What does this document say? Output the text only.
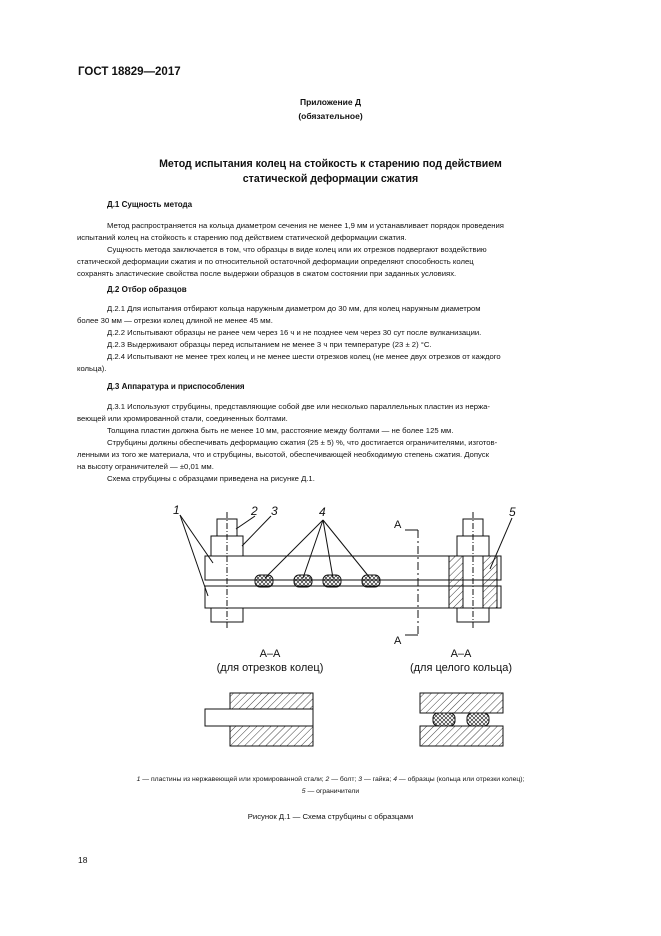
ГОСТ 18829—2017
Приложение Д
(обязательное)
Метод испытания колец на стойкость к старению под действием
статической деформации сжатия
Д.1 Сущность метода

Метод распространяется на кольца диаметром сечения не менее 1,9 мм и устанавливает порядок проведения

испытаний колец на стойкость к старению под действием статической деформации сжатия.

Сущность метода заключается в том, что образцы в виде колец или их отрезков подвергают воздействию

статической деформации сжатия и по относительной остаточной деформации определяют способность колец

сохранять эластические свойства после выдержки образцов в сжатом состоянии при заданных условиях.

Д.2 Отбор образцов

Д.2.1 Для испытания отбирают кольца наружным диаметром до 30 мм, для колец наружным диаметром

более 30 мм — отрезки колец длиной не менее 45 мм.

Д.2.2 Испытывают образцы не ранее чем через 16 ч и не позднее чем через 30 сут после вулканизации.

Д.2.3 Выдерживают образцы перед испытанием не менее 3 ч при температуре (23 ± 2) °С.

Д.2.4 Испытывают не менее трех колец и не менее шести отрезков колец (не менее двух отрезков от каждого

кольца).

Д.3 Аппаратура и приспособления

Д.3.1 Используют струбцины, представляющие собой две или несколько параллельных пластин из нержа-

веющей или хромированной стали, соединенных болтами.

Толщина пластин должна быть не менее 10 мм, расстояние между болтами — не более 125 мм.

Струбцины должны обеспечивать деформацию сжатия (25 ± 5) %, что достигается ограничителями, изготов-

ленными из того же материала, что и струбцины, высотой, обеспечивающей необходимую степень сжатия. Допуск

на высоту ограничителей — ±0,01 мм.

Схема струбцины с образцами приведена на рисунке Д.1.

1	2 3	4	5
А
А
А–А
(для отрезков колец)
А–А
(для целого кольца)
1 — пластины из нержавеющей или хромированной стали; 2 — болт; 3 — гайка; 4 — образцы (кольца или отрезки колец);
5 — ограничители
Рисунок Д.1 — Схема струбцины с образцами
18
